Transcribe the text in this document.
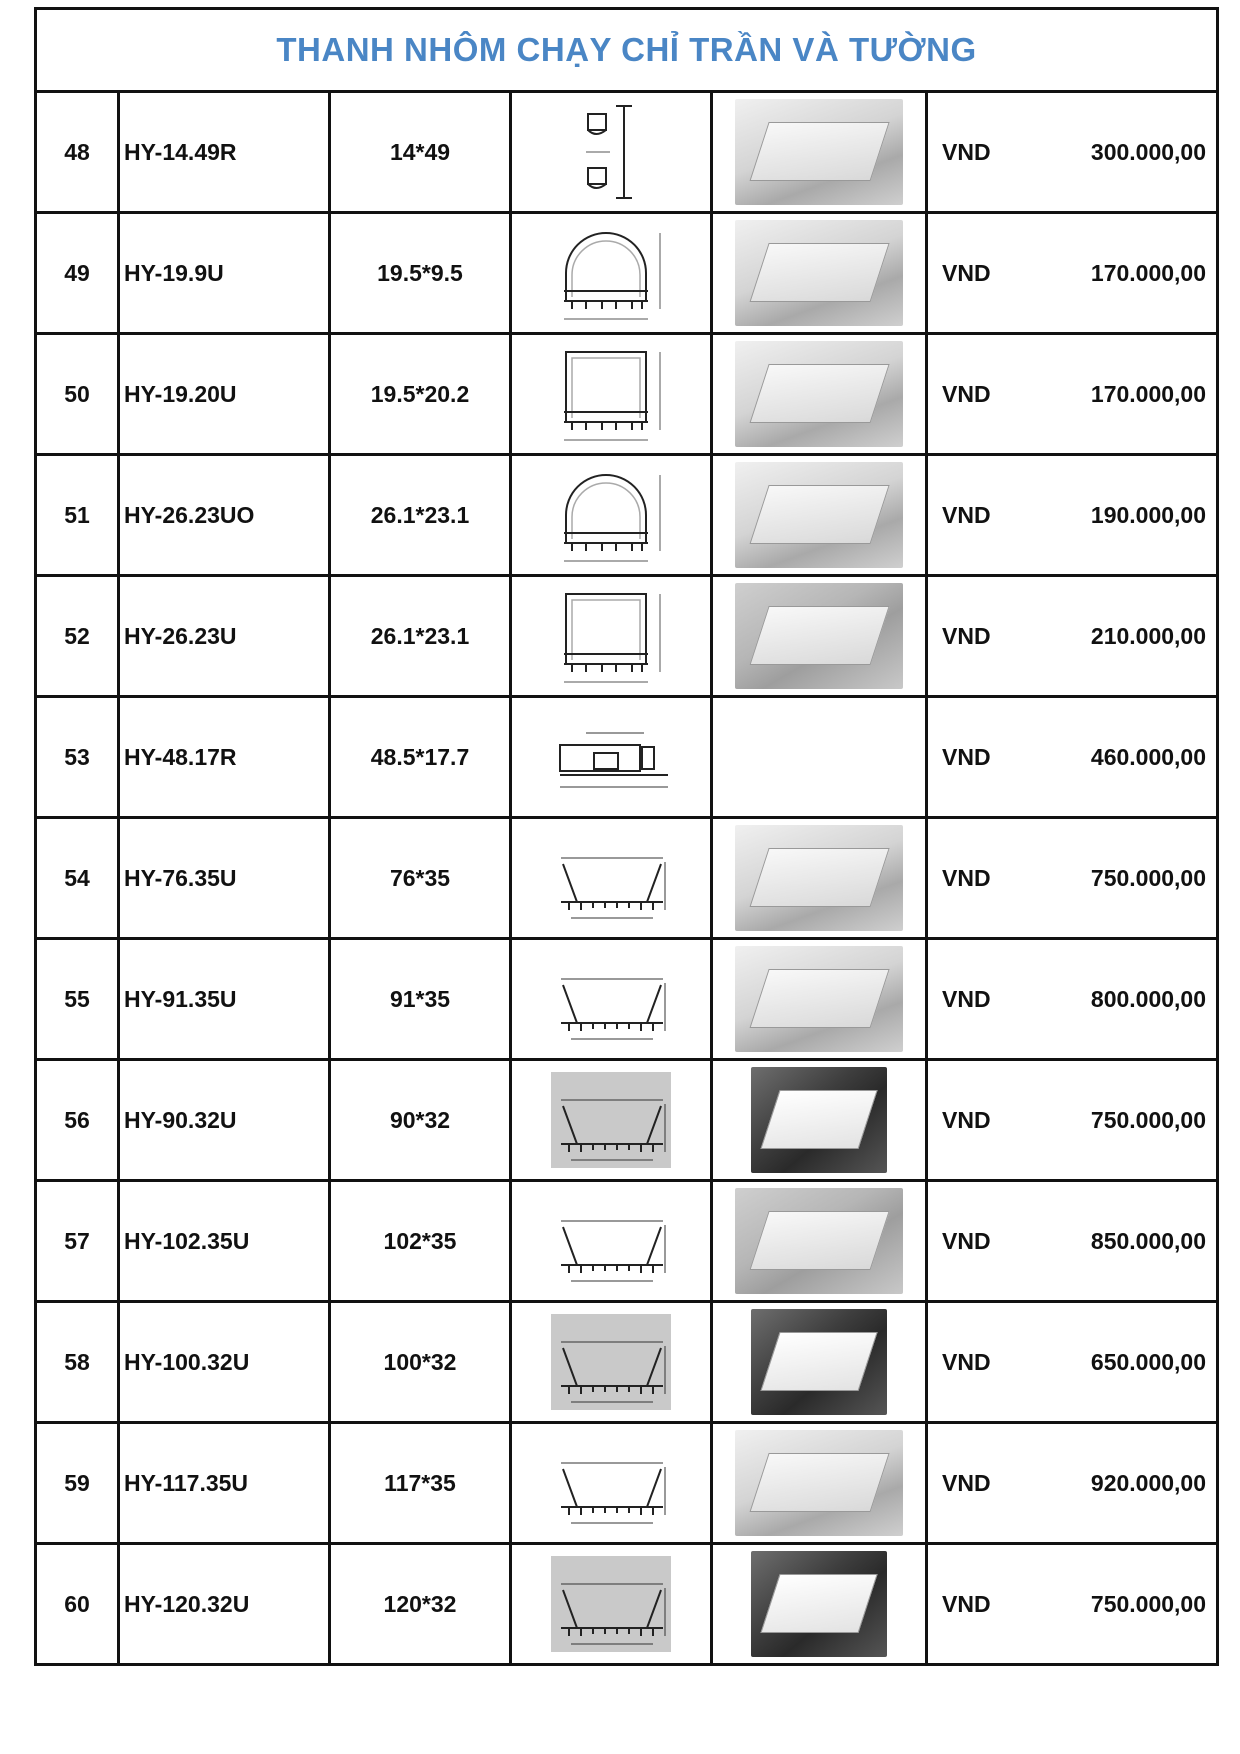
THANH NHÔM CHẠY CHỈ TRẦN VÀ TƯỜNG					
48	HY-14.49R	14*49			VND 300.000,00

49	HY-19.9U	19.5*9.5			VND 170.000,00

50	HY-19.20U	19.5*20.2			VND 170.000,00

51	HY-26.23UO	26.1*23.1			VND 190.000,00

52	HY-26.23U	26.1*23.1			VND 210.000,00

53	HY-48.17R	48.5*17.7			VND 460.000,00

54	HY-76.35U	76*35			VND 750.000,00

55	HY-91.35U	91*35			VND 800.000,00

56	HY-90.32U	90*32			VND 750.000,00

57	HY-102.35U	102*35			VND 850.000,00

58	HY-100.32U	100*32			VND 650.000,00

59	HY-117.35U	117*35			VND 920.000,00

60	HY-120.32U	120*32			VND 750.000,00
